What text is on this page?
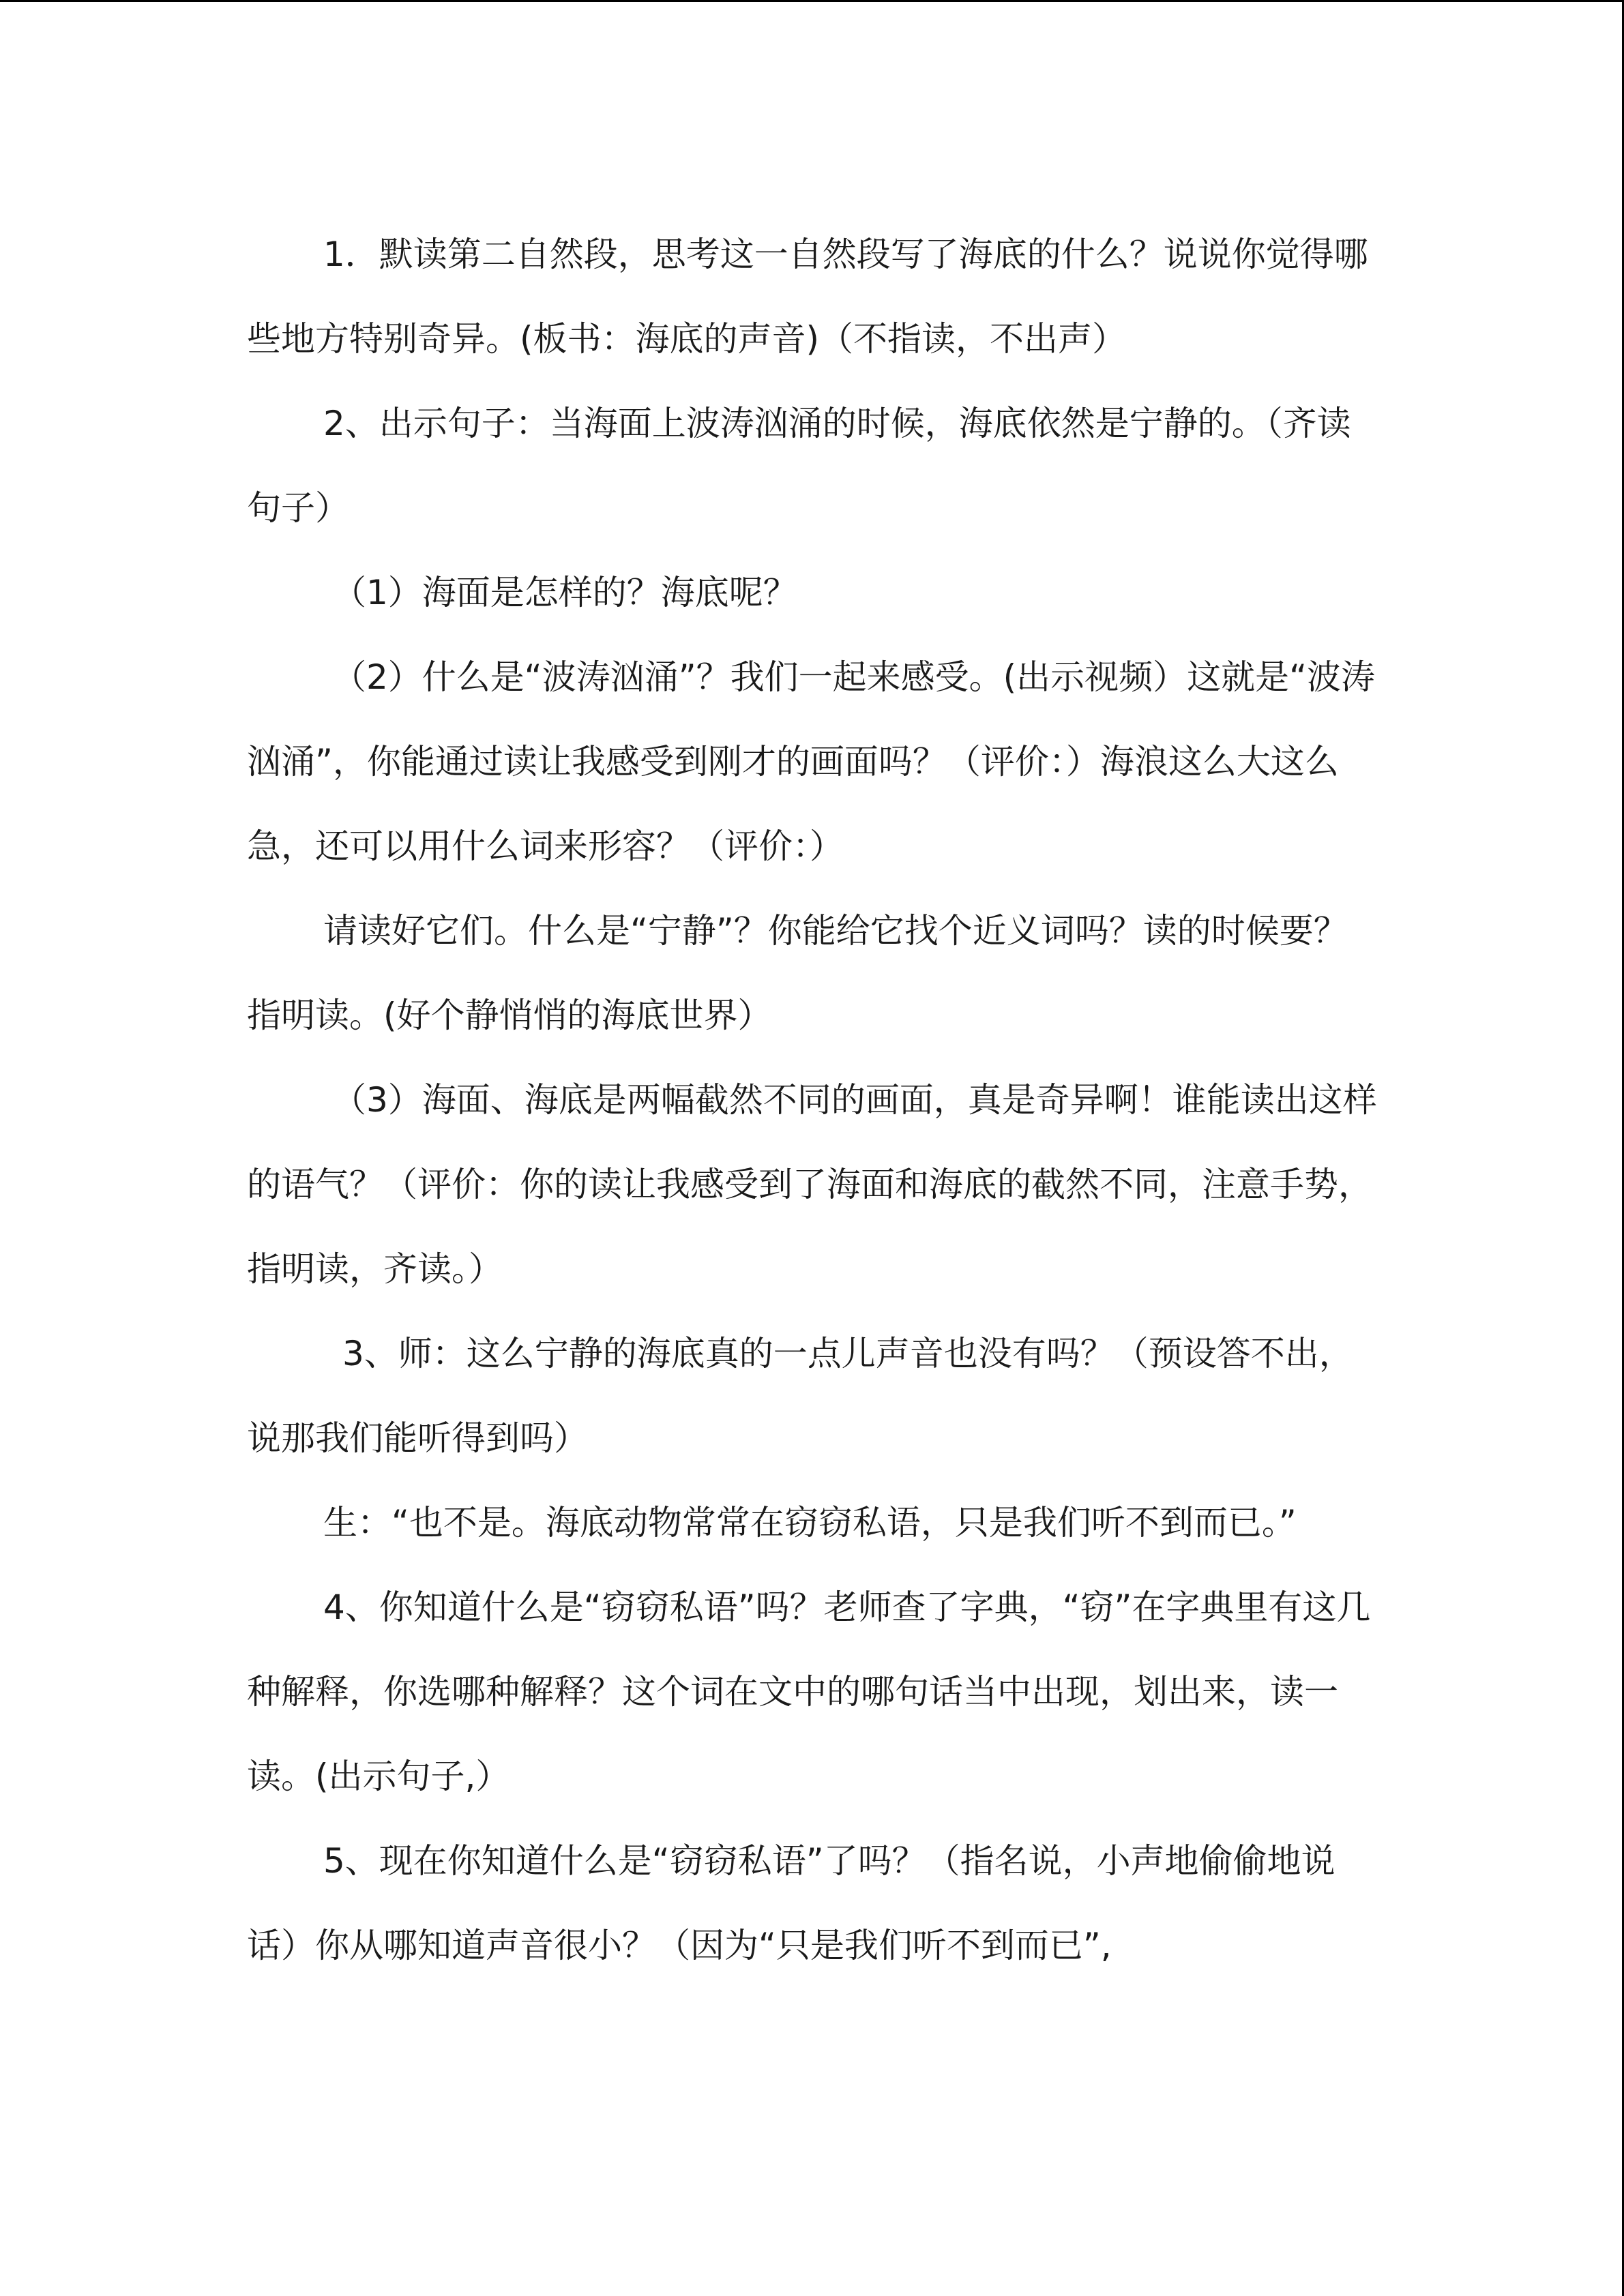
1．默读第二自然段，思考这一自然段写了海底的什么？说说你觉得哪些地方特别奇异。(板书：海底的声音)（不指读，不出声）

2、出示句子：当海面上波涛汹涌的时候，海底依然是宁静的。（齐读句子）

（1）海面是怎样的？海底呢？

（2）什么是“波涛汹涌”？我们一起来感受。(出示视频）这就是“波涛汹涌”，你能通过读让我感受到刚才的画面吗？（评价：）海浪这么大这么急，还可以用什么词来形容？（评价：）

请读好它们。什么是“宁静”？你能给它找个近义词吗？读的时候要？指明读。(好个静悄悄的海底世界）

（3）海面、海底是两幅截然不同的画面，真是奇异啊！谁能读出这样的语气？（评价：你的读让我感受到了海面和海底的截然不同，注意手势，指明读，齐读。）

3、师：这么宁静的海底真的一点儿声音也没有吗？（预设答不出，说那我们能听得到吗）

生：“也不是。海底动物常常在窃窃私语，只是我们听不到而已。”

4、你知道什么是“窃窃私语”吗？老师查了字典，“窃”在字典里有这几种解释，你选哪种解释？这个词在文中的哪句话当中出现，划出来，读一读。(出示句子,）

5、现在你知道什么是“窃窃私语”了吗？（指名说，小声地偷偷地说话）你从哪知道声音很小？（因为“只是我们听不到而已”,
